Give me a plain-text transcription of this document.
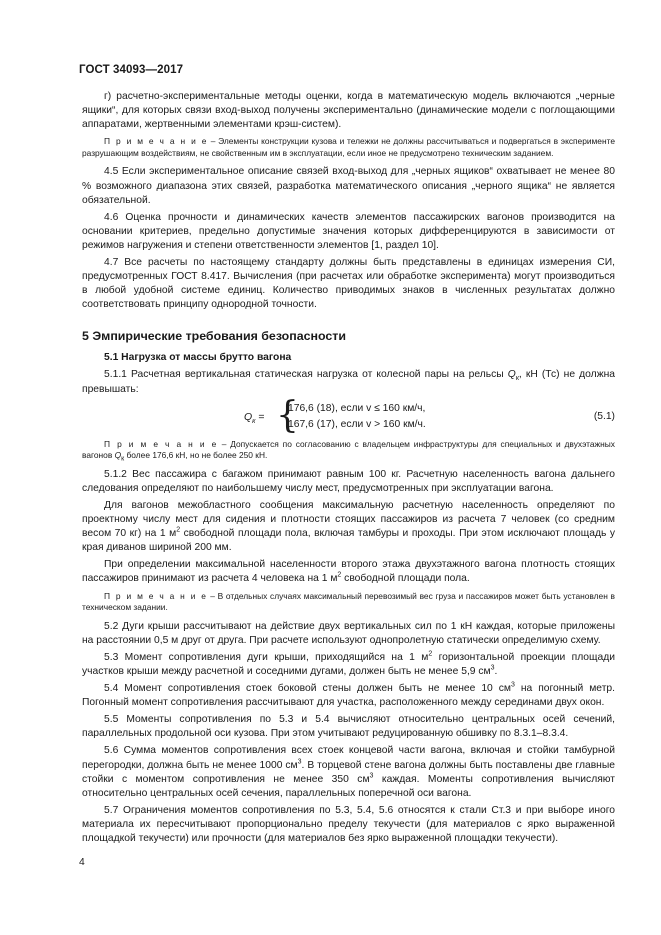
ГОСТ 34093—2017

г) расчетно-экспериментальные методы оценки, когда в математическую модель включаются „черные ящики“, для которых связи вход-выход получены экспериментально (динамические модели с поглощающими аппаратами, жертвенными элементами крэш-систем).

П р и м е ч а н и е – Элементы конструкции кузова и тележки не должны рассчитываться и подвергаться в эксперименте разрушающим воздействиям, не свойственным им в эксплуатации, если иное не предусмотрено техническим заданием.

4.5 Если экспериментальное описание связей вход-выход для „черных ящиков“ охватывает не менее 80 % возможного диапазона этих связей, разработка математического описания „черного ящика“ не является обязательной.

4.6 Оценка прочности и динамических качеств элементов пассажирских вагонов производится на основании критериев, предельно допустимые значения которых дифференцируются в зависимости от режимов нагружения и степени ответственности элементов [1, раздел 10].

4.7 Все расчеты по настоящему стандарту должны быть представлены в единицах измерения СИ, предусмотренных ГОСТ 8.417. Вычисления (при расчетах или обработке эксперимента) могут производиться в любой удобной системе единиц. Количество приводимых знаков в численных результатах должно соответствовать принципу однородной точности.

5 Эмпирические требования безопасности
5.1 Нагрузка от массы брутто вагона

5.1.1 Расчетная вертикальная статическая нагрузка от колесной пары на рельсы $Q_к$, кН (Тс) не должна превышать:

$Q_к$ = {
176,6 (18), если v ≤ 160 км/ч,
167,6 (17), если v > 160 км/ч.
(5.1)

П р и м е ч а н и е – Допускается по согласованию с владельцем инфраструктуры для специальных и двухэтажных вагонов $Q_к$ более 176,6 кН, но не более 250 кН.

5.1.2 Вес пассажира с багажом принимают равным 100 кг. Расчетную населенность вагона дальнего следования определяют по наибольшему числу мест, предусмотренных при эксплуатации вагона.

Для вагонов межобластного сообщения максимальную расчетную населенность определяют по проектному числу мест для сидения и плотности стоящих пассажиров из расчета 7 человек (со средним весом 70 кг) на 1 $м^2$ свободной площади пола, включая тамбуры и проходы. При этом исключают площадь у края диванов шириной 200 мм.

При определении максимальной населенности второго этажа двухэтажного вагона плотность стоящих пассажиров принимают из расчета 4 человека на 1 $м^2$ свободной площади пола.

П р и м е ч а н и е – В отдельных случаях максимальный перевозимый вес груза и пассажиров может быть установлен в техническом задании.

5.2 Дуги крыши рассчитывают на действие двух вертикальных сил по 1 кН каждая, которые приложены на расстоянии 0,5 м друг от друга. При расчете используют однопролетную статически определимую схему.

5.3 Момент сопротивления дуги крыши, приходящийся на 1 $м^2$ горизонтальной проекции площади участков крыши между расчетной и соседними дугами, должен быть не менее 5,9 $см^3$.

5.4 Момент сопротивления стоек боковой стены должен быть не менее 10 $см^3$ на погонный метр. Погонный момент сопротивления рассчитывают для участка, расположенного между серединами двух окон.

5.5 Моменты сопротивления по 5.3 и 5.4 вычисляют относительно центральных осей сечений, параллельных продольной оси кузова. При этом учитывают редуцированную обшивку по 8.3.1–8.3.4.

5.6 Сумма моментов сопротивления всех стоек концевой части вагона, включая и стойки тамбурной перегородки, должна быть не менее 1000 $см^3$. В торцевой стене вагона должны быть поставлены две главные стойки с моментом сопротивления не менее 350 $см^3$ каждая. Моменты сопротивления вычисляют относительно центральных осей сечения, параллельных поперечной оси вагона.

5.7 Ограничения моментов сопротивления по 5.3, 5.4, 5.6 относятся к стали Ст.3 и при выборе иного материала их пересчитывают пропорционально пределу текучести (для материалов с ярко выраженной площадкой текучести) или прочности (для материалов без ярко выраженной площадки текучести).

4
